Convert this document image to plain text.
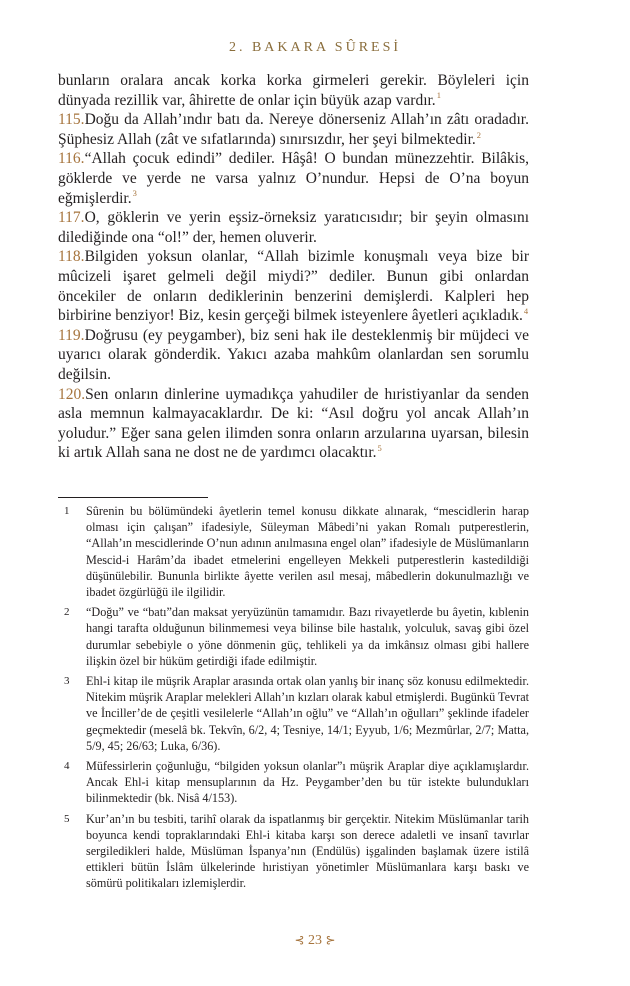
2. BAKARA SÛRESİ

bunların oralara ancak korka korka girmeleri gerekir. Böyleleri için dünyada rezillik var, âhirette de onlar için büyük azap vardır.$^1$

115.Doğu da Allah’ındır batı da. Nereye dönerseniz Allah’ın zâtı oradadır. Şüphesiz Allah (zât ve sıfatlarında) sınırsızdır, her şeyi bilmektedir.$^2$

116.“Allah çocuk edindi” dediler. Hâşâ! O bundan münezzehtir. Bilâkis, göklerde ve yerde ne varsa yalnız O’nundur. Hepsi de O’na boyun eğmişlerdir.$^3$

117.O, göklerin ve yerin eşsiz-örneksiz yaratıcısıdır; bir şeyin olmasını dilediğinde ona “ol!” der, hemen oluverir.

118.Bilgiden yoksun olanlar, “Allah bizimle konuşmalı veya bize bir mûcizeli işaret gelmeli değil miydi?” dediler. Bunun gibi onlardan öncekiler de onların dediklerinin benzerini demişlerdi. Kalpleri hep birbirine benziyor! Biz, kesin gerçeği bilmek isteyenlere âyetleri açıkladık.$^4$

119.Doğrusu (ey peygamber), biz seni hak ile desteklenmiş bir müjdeci ve uyarıcı olarak gönderdik. Yakıcı azaba mahkûm olanlardan sen sorumlu değilsin.

120.Sen onların dinlerine uymadıkça yahudiler de hıristiyanlar da senden asla memnun kalmayacaklardır. De ki: “Asıl doğru yol ancak Allah’ın yoludur.” Eğer sana gelen ilimden sonra onların arzularına uyarsan, bilesin ki artık Allah sana ne dost ne de yardımcı olacaktır.$^5$

1 Sûrenin bu bölümündeki âyetlerin temel konusu dikkate alınarak, “mescidlerin harap olması için çalışan” ifadesiyle, Süleyman Mâbedi’ni yakan Romalı putperestlerin, “Allah’ın mescidlerinde O’nun adının anılmasına engel olan” ifadesiyle de Müslümanların Mescid-i Harâm’da ibadet etmelerini engelleyen Mekkeli putperestlerin kastedildiği düşünülebilir. Bununla birlikte âyette verilen asıl mesaj, mâbedlerin dokunulmazlığı ve ibadet özgürlüğü ile ilgilidir.
2 “Doğu” ve “batı”dan maksat yeryüzünün tamamıdır. Bazı rivayetlerde bu âyetin, kıblenin hangi tarafta olduğunun bilinmemesi veya bilinse bile hastalık, yolculuk, savaş gibi özel durumlar sebebiyle o yöne dönmenin güç, tehlikeli ya da imkânsız olması gibi hallere ilişkin özel bir hüküm getirdiği ifade edilmiştir.
3 Ehl-i kitap ile müşrik Araplar arasında ortak olan yanlış bir inanç söz konusu edilmektedir. Nitekim müşrik Araplar melekleri Allah’ın kızları olarak kabul etmişlerdi. Bugünkü Tevrat ve İnciller’de de çeşitli vesilelerle “Allah’ın oğlu” ve “Allah’ın oğulları” şeklinde ifadeler geçmektedir (meselâ bk. Tekvîn, 6/2, 4; Tesniye, 14/1; Eyyub, 1/6; Mezmûrlar, 2/7; Matta, 5/9, 45; 26/63; Luka, 6/36).
4 Müfessirlerin çoğunluğu, “bilgiden yoksun olanlar”ı müşrik Araplar diye açıklamışlardır. Ancak Ehl-i kitap mensuplarının da Hz. Peygamber’den bu tür istekte bulundukları bilinmektedir (bk. Nisâ 4/153).
5 Kur’an’ın bu tesbiti, tarihî olarak da ispatlanmış bir gerçektir. Nitekim Müslümanlar tarih boyunca kendi topraklarındaki Ehl-i kitaba karşı son derece adaletli ve insanî tavırlar sergiledikleri halde, Müslüman İspanya’nın (Endülüs) işgalinden başlamak üzere istilâ ettikleri bütün İslâm ülkelerinde hıristiyan yönetimler Müslümanlara karşı baskı ve sömürü politikaları izlemişlerdir.
⊰ 23 ⊱
